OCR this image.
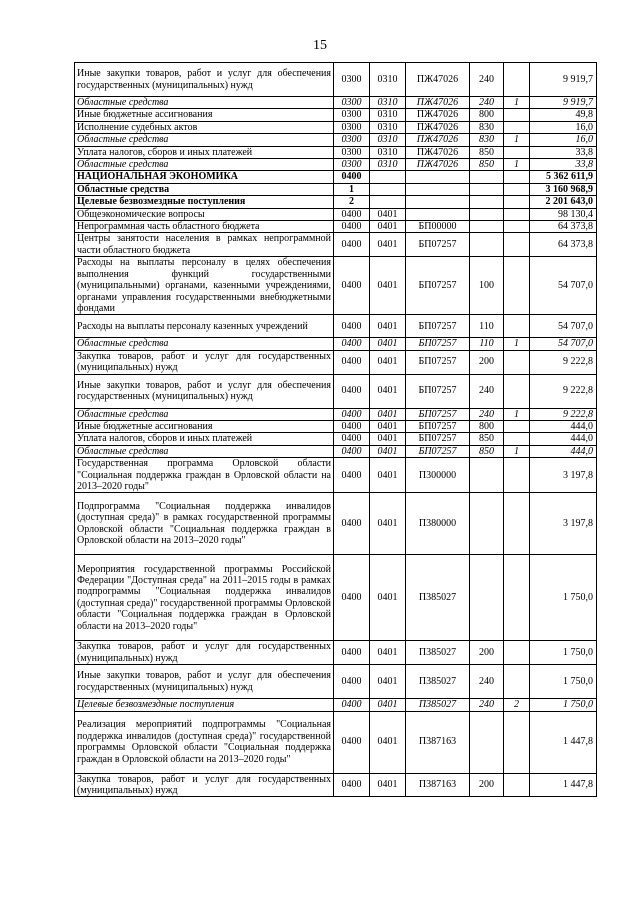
15
Иные закупки товаров, работ и услуг для обеспечения государственных (муниципальных) нужд	0300	0310	ПЖ47026	240		9 919,7
Областные средства	0300	0310	ПЖ47026	240	1	9 919,7
Иные бюджетные ассигнования	0300	0310	ПЖ47026	800		49,8
Исполнение судебных актов	0300	0310	ПЖ47026	830		16,0
Областные средства	0300	0310	ПЖ47026	830	1	16,0
Уплата налогов, сборов и иных платежей	0300	0310	ПЖ47026	850		33,8
Областные средства	0300	0310	ПЖ47026	850	1	33,8
НАЦИОНАЛЬНАЯ ЭКОНОМИКА	0400					5 362 611,9
Областные средства	1					3 160 968,9
Целевые безвозмездные поступления	2					2 201 643,0
Общеэкономические вопросы	0400	0401				98 130,4
Непрограммная часть областного бюджета	0400	0401	БП00000			64 373,8
Центры занятости населения в рамках непрограммной части областного бюджета	0400	0401	БП07257			64 373,8
Расходы на выплаты персоналу в целях обеспечения выполнения функций государственными (муниципальными) органами, казенными учреждениями, органами управления государственными внебюджетными фондами	0400	0401	БП07257	100		54 707,0
Расходы на выплаты персоналу казенных учреждений	0400	0401	БП07257	110		54 707,0
Областные средства	0400	0401	БП07257	110	1	54 707,0
Закупка товаров, работ и услуг для государственных (муниципальных) нужд	0400	0401	БП07257	200		9 222,8
Иные закупки товаров, работ и услуг для обеспечения государственных (муниципальных) нужд	0400	0401	БП07257	240		9 222,8
Областные средства	0400	0401	БП07257	240	1	9 222,8
Иные бюджетные ассигнования	0400	0401	БП07257	800		444,0
Уплата налогов, сборов и иных платежей	0400	0401	БП07257	850		444,0
Областные средства	0400	0401	БП07257	850	1	444,0
Государственная программа Орловской области "Социальная поддержка граждан в Орловской области на 2013–2020 годы"	0400	0401	П300000			3 197,8
Подпрограмма "Социальная поддержка инвалидов (доступная среда)" в рамках государственной программы Орловской области "Социальная поддержка граждан в Орловской области на 2013–2020 годы"	0400	0401	П380000			3 197,8
Мероприятия государственной программы Российской Федерации "Доступная среда" на 2011–2015 годы в рамках подпрограммы "Социальная поддержка инвалидов (доступная среда)" государственной программы Орловской области "Социальная поддержка граждан в Орловской области на 2013–2020 годы"	0400	0401	П385027			1 750,0
Закупка товаров, работ и услуг для государственных (муниципальных) нужд	0400	0401	П385027	200		1 750,0
Иные закупки товаров, работ и услуг для обеспечения государственных (муниципальных) нужд	0400	0401	П385027	240		1 750,0
Целевые безвозмездные поступления	0400	0401	П385027	240	2	1 750,0
Реализация мероприятий подпрограммы "Социальная поддержка инвалидов (доступная среда)" государственной программы Орловской области "Социальная поддержка граждан в Орловской области на 2013–2020 годы"	0400	0401	П387163			1 447,8
Закупка товаров, работ и услуг для государственных (муниципальных) нужд	0400	0401	П387163	200		1 447,8
